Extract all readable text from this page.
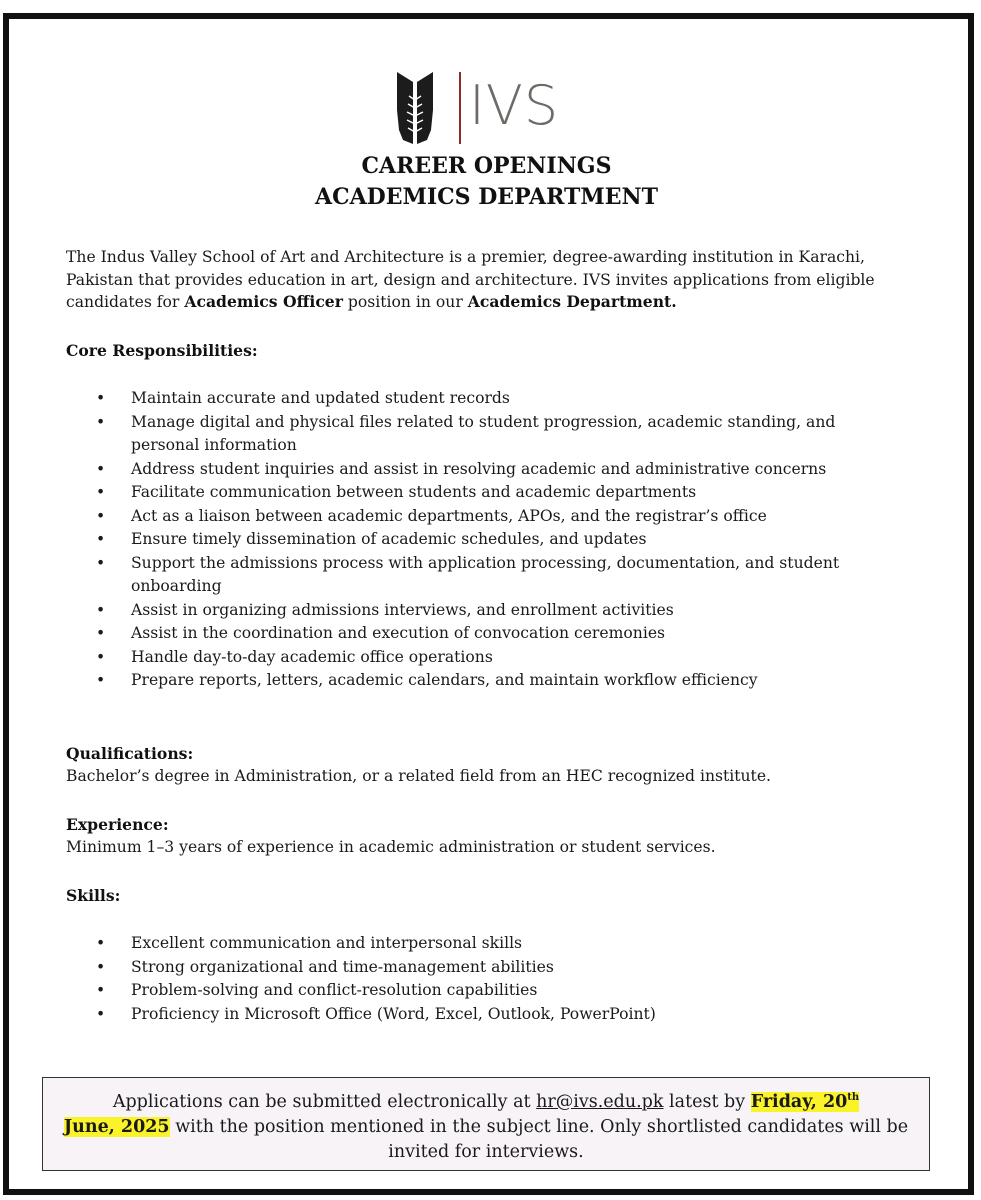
IVS
CAREER OPENINGS
ACADEMICS DEPARTMENT
The Indus Valley School of Art and Architecture is a premier, degree-awarding institution in Karachi, Pakistan that provides education in art, design and architecture. IVS invites applications from eligible candidates for Academics Officer position in our Academics Department.
Core Responsibilities:
• Maintain accurate and updated student records
• Manage digital and physical files related to student progression, academic standing, and personal information
• Address student inquiries and assist in resolving academic and administrative concerns
• Facilitate communication between students and academic departments
• Act as a liaison between academic departments, APOs, and the registrar’s office
• Ensure timely dissemination of academic schedules, and updates
• Support the admissions process with application processing, documentation, and student onboarding
• Assist in organizing admissions interviews, and enrollment activities
• Assist in the coordination and execution of convocation ceremonies
• Handle day-to-day academic office operations
• Prepare reports, letters, academic calendars, and maintain workflow efficiency
Qualifications:
Bachelor’s degree in Administration, or a related field from an HEC recognized institute.
Experience:
Minimum 1–3 years of experience in academic administration or student services.
Skills:
• Excellent communication and interpersonal skills
• Strong organizational and time-management abilities
• Problem-solving and conflict-resolution capabilities
• Proficiency in Microsoft Office (Word, Excel, Outlook, PowerPoint)
Applications can be submitted electronically at hr@ivs.edu.pk latest by Friday, 20th
June, 2025 with the position mentioned in the subject line. Only shortlisted candidates will be invited for interviews.
